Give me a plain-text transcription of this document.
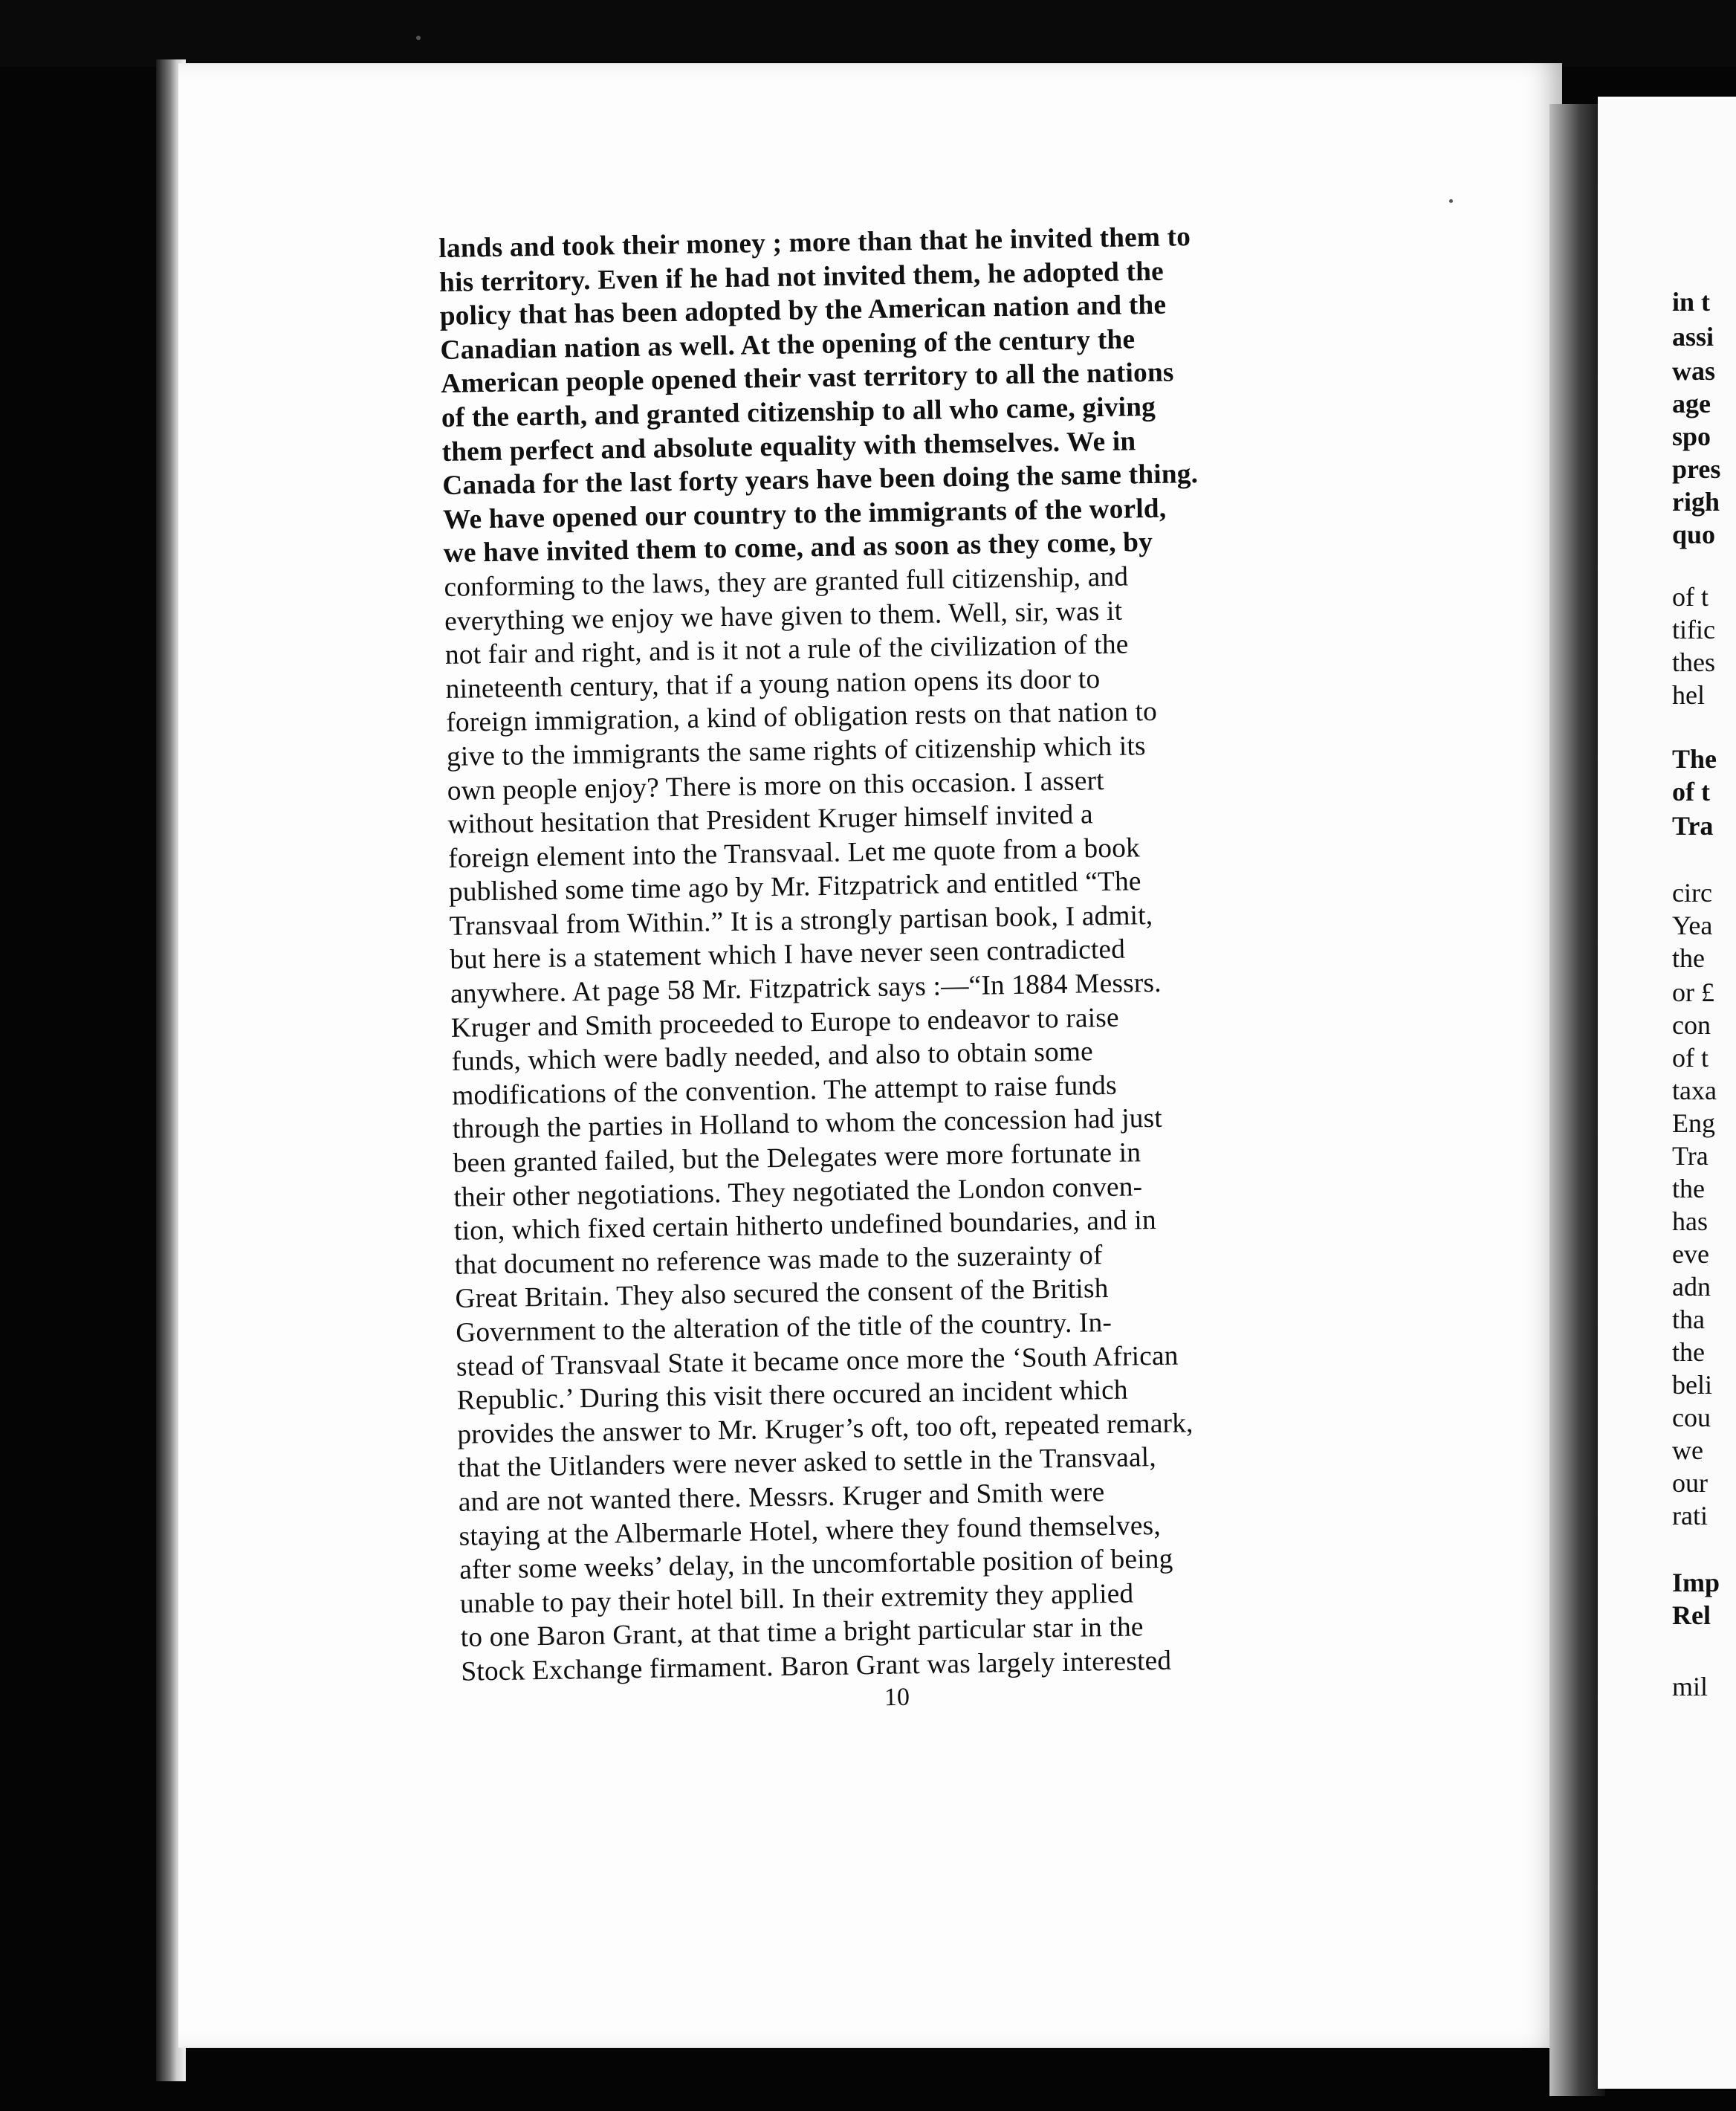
lands and took their money ; more than that he invited them to
his territory. Even if he had not invited them, he adopted the
policy that has been adopted by the American nation and the
Canadian nation as well. At the opening of the century the
American people opened their vast territory to all the nations
of the earth, and granted citizenship to all who came, giving
them perfect and absolute equality with themselves. We in
Canada for the last forty years have been doing the same thing.
We have opened our country to the immigrants of the world,
we have invited them to come, and as soon as they come, by
conforming to the laws, they are granted full citizenship, and
everything we enjoy we have given to them. Well, sir, was it
not fair and right, and is it not a rule of the civilization of the
nineteenth century, that if a young nation opens its door to
foreign immigration, a kind of obligation rests on that nation to
give to the immigrants the same rights of citizenship which its
own people enjoy? There is more on this occasion. I assert
without hesitation that President Kruger himself invited a
foreign element into the Transvaal. Let me quote from a book
published some time ago by Mr. Fitzpatrick and entitled “The
Transvaal from Within.” It is a strongly partisan book, I admit,
but here is a statement which I have never seen contradicted
anywhere. At page 58 Mr. Fitzpatrick says :—“In 1884 Messrs.
Kruger and Smith proceeded to Europe to endeavor to raise
funds, which were badly needed, and also to obtain some
modifications of the convention. The attempt to raise funds
through the parties in Holland to whom the concession had just
been granted failed, but the Delegates were more fortunate in
their other negotiations. They negotiated the London conven-
tion, which fixed certain hitherto undefined boundaries, and in
that document no reference was made to the suzerainty of
Great Britain. They also secured the consent of the British
Government to the alteration of the title of the country. In-
stead of Transvaal State it became once more the ‘South African
Republic.’ During this visit there occured an incident which
provides the answer to Mr. Kruger’s oft, too oft, repeated remark,
that the Uitlanders were never asked to settle in the Transvaal,
and are not wanted there. Messrs. Kruger and Smith were
staying at the Albermarle Hotel, where they found themselves,
after some weeks’ delay, in the uncomfortable position of being
unable to pay their hotel bill. In their extremity they applied
to one Baron Grant, at that time a bright particular star in the
Stock Exchange firmament. Baron Grant was largely interested
10
in t
assi
was
age
spo
pres
righ
quo
of t
tific
thes
hel
The
of t
Tra
circ
Yea
the
or £
con
of t
taxa
Eng
Tra
the
has
eve
adn
tha
the
beli
cou
we
our
rati
Imp
Rel
mil
